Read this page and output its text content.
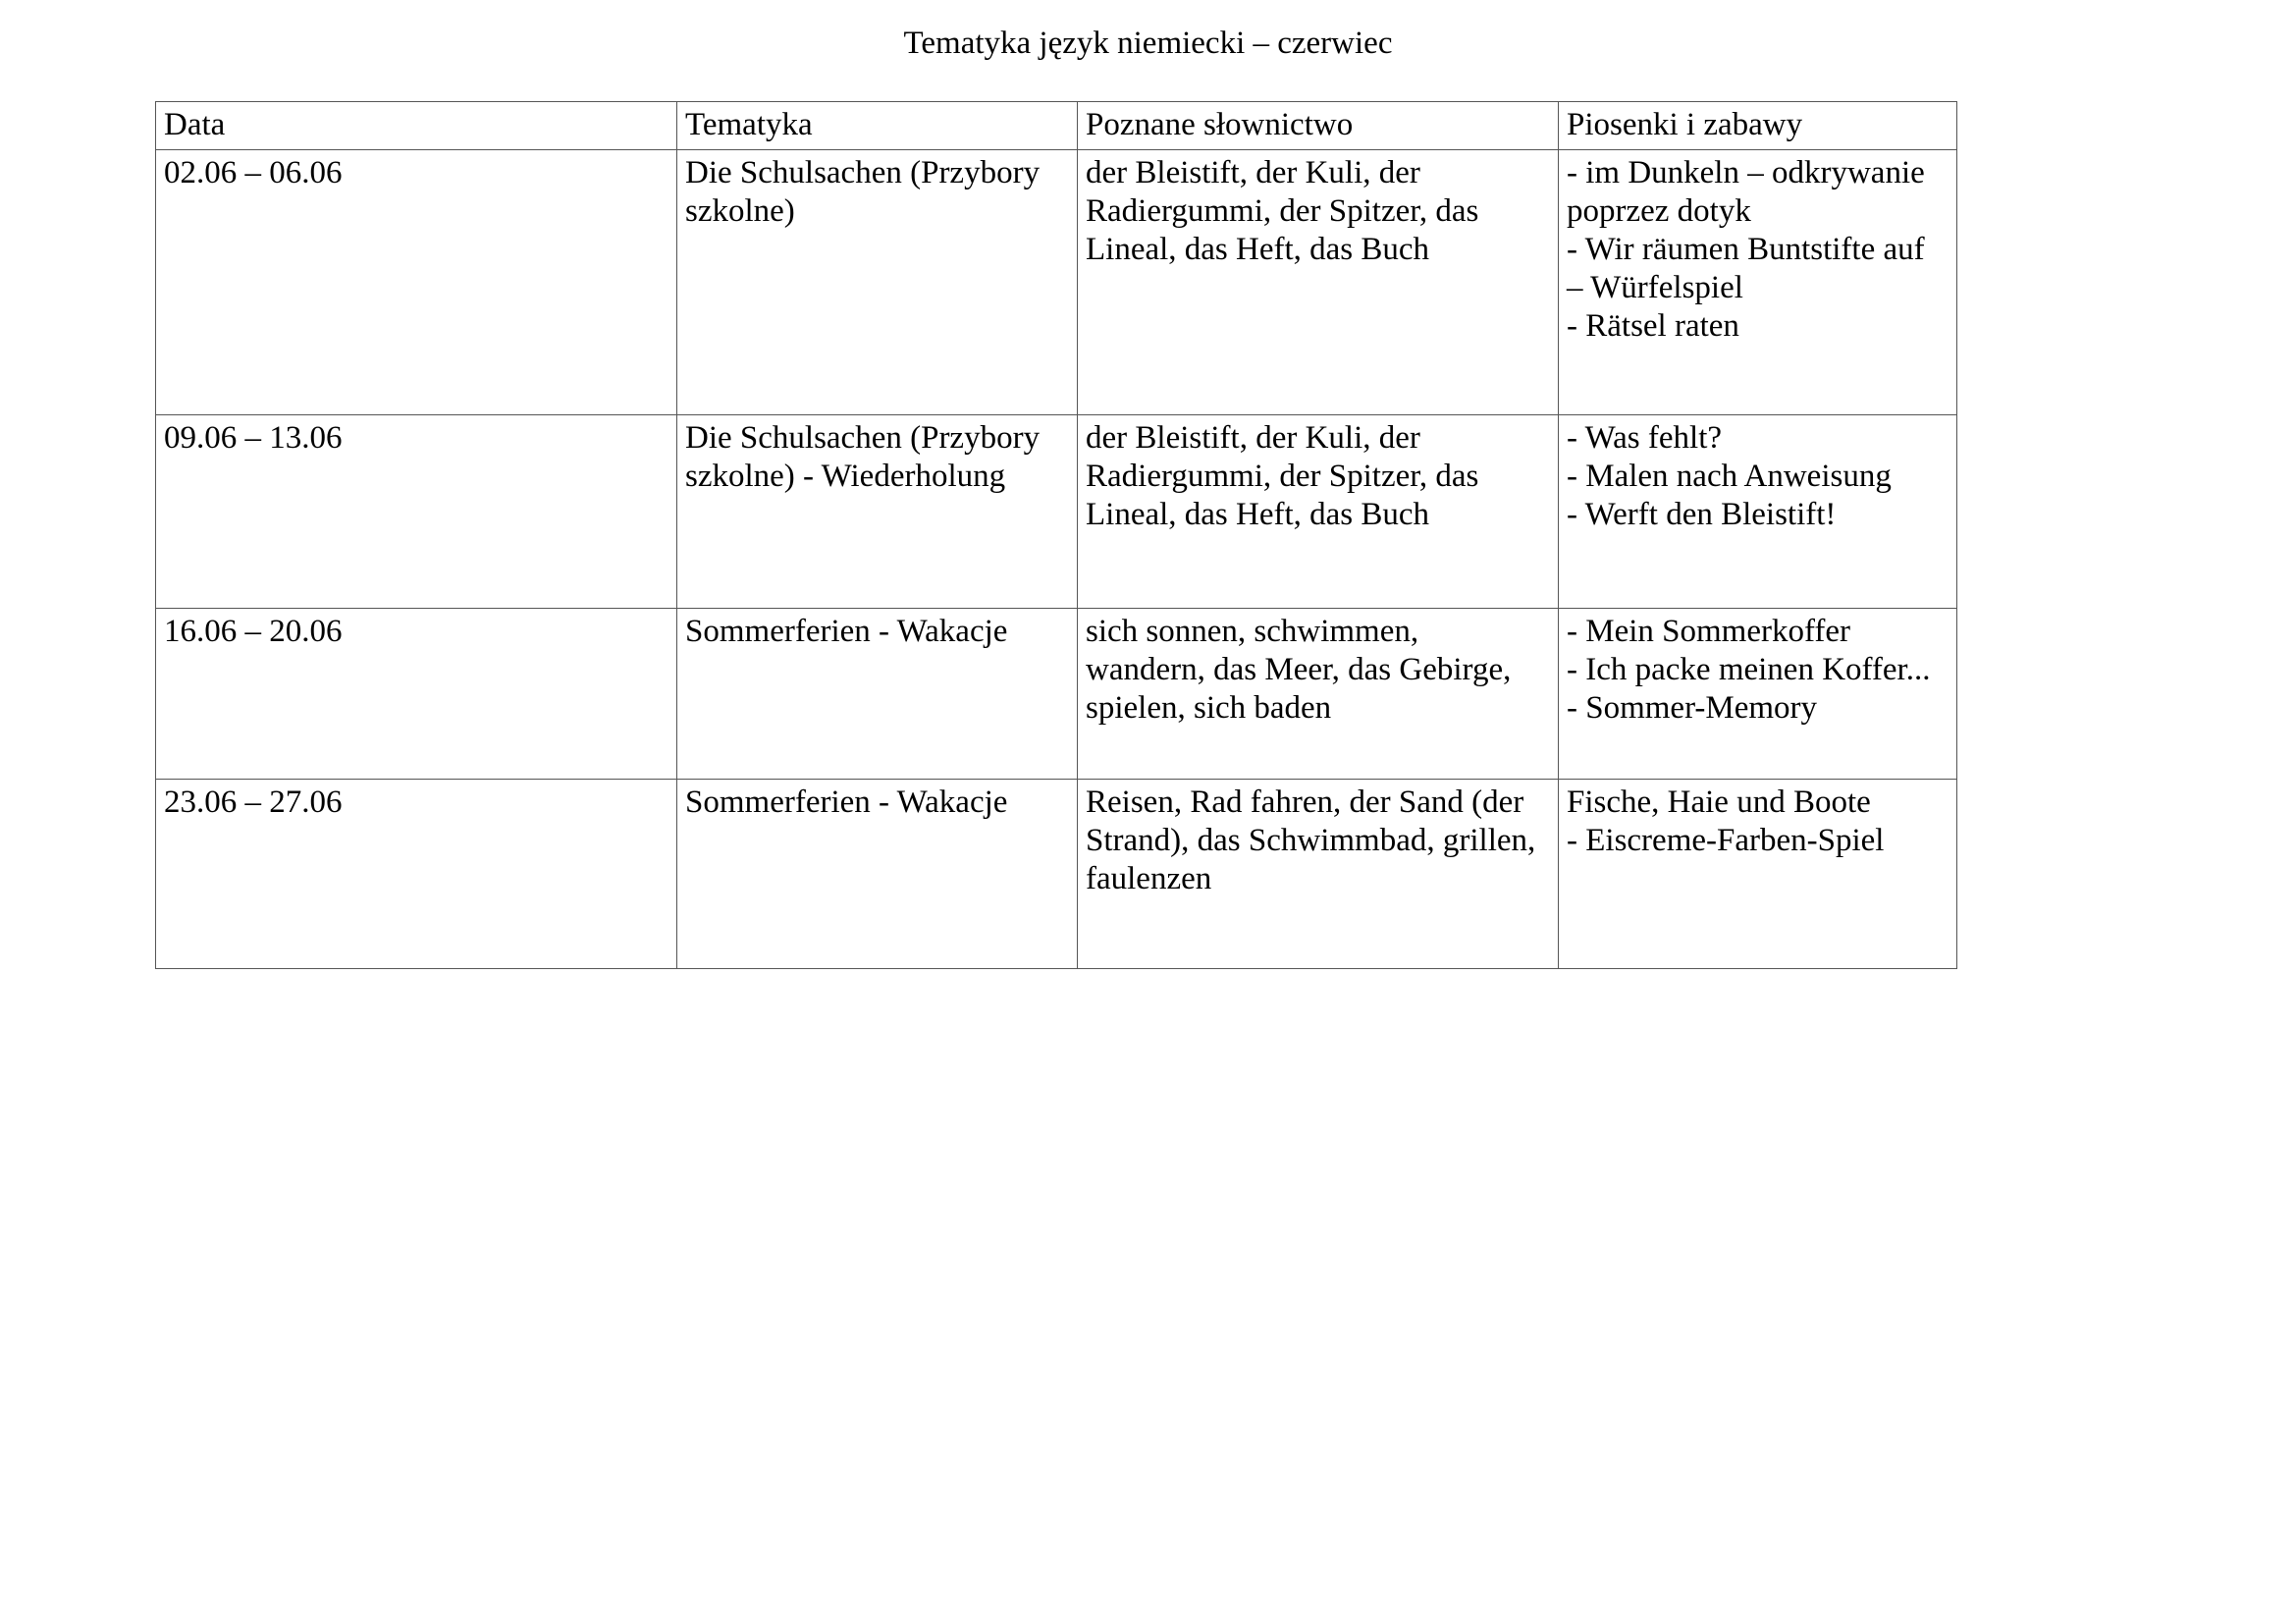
Tematyka język niemiecki – czerwiec
Data	Tematyka	Poznane słownictwo	Piosenki i zabawy
02.06 – 06.06	Die Schulsachen (Przybory
szkolne)	der Bleistift, der Kuli, der
Radiergummi, der Spitzer, das
Lineal, das Heft, das Buch	- im Dunkeln – odkrywanie
poprzez dotyk
- Wir räumen Buntstifte auf
– Würfelspiel
- Rätsel raten
09.06 – 13.06	Die Schulsachen (Przybory
szkolne) - Wiederholung	der Bleistift, der Kuli, der
Radiergummi, der Spitzer, das
Lineal, das Heft, das Buch	- Was fehlt?
- Malen nach Anweisung
- Werft den Bleistift!
16.06 – 20.06	Sommerferien - Wakacje	sich sonnen, schwimmen,
wandern, das Meer, das Gebirge,
spielen, sich baden	- Mein Sommerkoffer
- Ich packe meinen Koffer...
- Sommer-Memory
23.06 – 27.06	Sommerferien - Wakacje	Reisen, Rad fahren, der Sand (der
Strand), das Schwimmbad, grillen,
faulenzen	Fische, Haie und Boote
- Eiscreme-Farben-Spiel
